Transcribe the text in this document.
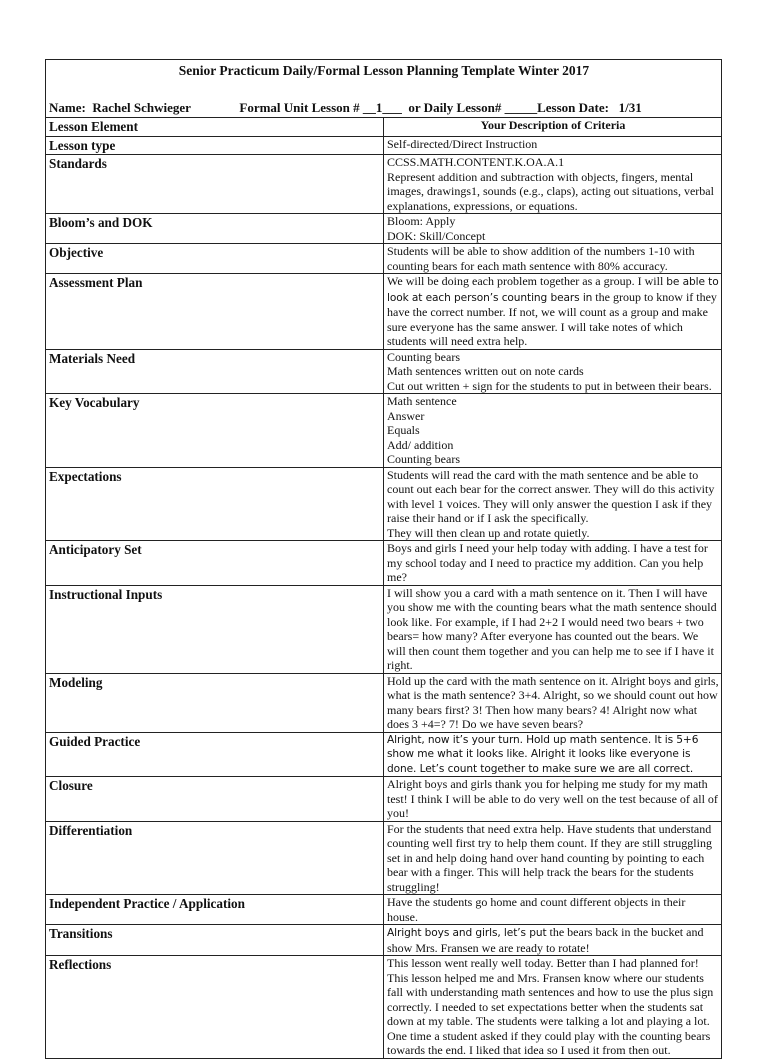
Senior Practicum Daily/Formal Lesson Planning Template Winter 2017	
Name:  Rachel Schwieger               Formal Unit Lesson # __1___  or Daily Lesson# _____Lesson Date:   1/31	
Lesson Element	Your Description of Criteria
Lesson type	Self-directed/Direct Instruction
Standards	CCSS.MATH.CONTENT.K.OA.A.1
Represent addition and subtraction with objects, fingers, mental images, drawings1, sounds (e.g., claps), acting out situations, verbal explanations, expressions, or equations.
Bloom’s and DOK	Bloom: Apply
DOK: Skill/Concept
Objective	Students will be able to show addition of the numbers 1-10 with counting bears for each math sentence with 80% accuracy.
Assessment Plan	We will be doing each problem together as a group. I will be able to look at each person’s counting bears in the group to know if they have the correct number. If not, we will count as a group and make sure everyone has the same answer. I will take notes of which students will need extra help.
Materials Need	Counting bears
Math sentences written out on note cards
Cut out written + sign for the students to put in between their bears.
Key Vocabulary	Math sentence
Answer
Equals
Add/ addition
Counting bears
Expectations	Students will read the card with the math sentence and be able to count out each bear for the correct answer. They will do this activity with level 1 voices. They will only answer the question I ask if they raise their hand or if I ask the specifically.
They will then clean up and rotate quietly.
Anticipatory Set	Boys and girls I need your help today with adding. I have a test for my school today and I need to practice my addition. Can you help me?
Instructional Inputs	I will show you a card with a math sentence on it. Then I will have you show me with the counting bears what the math sentence should look like. For example, if I had 2+2 I would need two bears + two bears= how many? After everyone has counted out the bears. We will then count them together and you can help me to see if I have it right.
Modeling	Hold up the card with the math sentence on it. Alright boys and girls, what is the math sentence? 3+4. Alright, so we should count out how many bears first? 3! Then how many bears? 4! Alright now what does 3 +4=? 7! Do we have seven bears?
Guided Practice	Alright, now it’s your turn. Hold up math sentence. It is 5+6 show me what it looks like. Alright it looks like everyone is done. Let’s count together to make sure we are all correct.
Closure	Alright boys and girls thank you for helping me study for my math test! I think I will be able to do very well on the test because of all of you!
Differentiation	For the students that need extra help. Have students that understand counting well first try to help them count. If they are still struggling set in and help doing hand over hand counting by pointing to each bear with a finger. This will help track the bears for the students struggling!
Independent Practice / Application	Have the students go home and count different objects in their house.
Transitions	Alright boys and girls, let’s put the bears back in the bucket and show Mrs. Fransen we are ready to rotate!
Reflections	This lesson went really well today. Better than I had planned for! This lesson helped me and Mrs. Fransen know where our students fall with understanding math sentences and how to use the plus sign correctly. I needed to set expectations better when the students sat down at my table. The students were talking a lot and playing a lot. One time a student asked if they could play with the counting bears towards the end. I liked that idea so I used it from then out.
